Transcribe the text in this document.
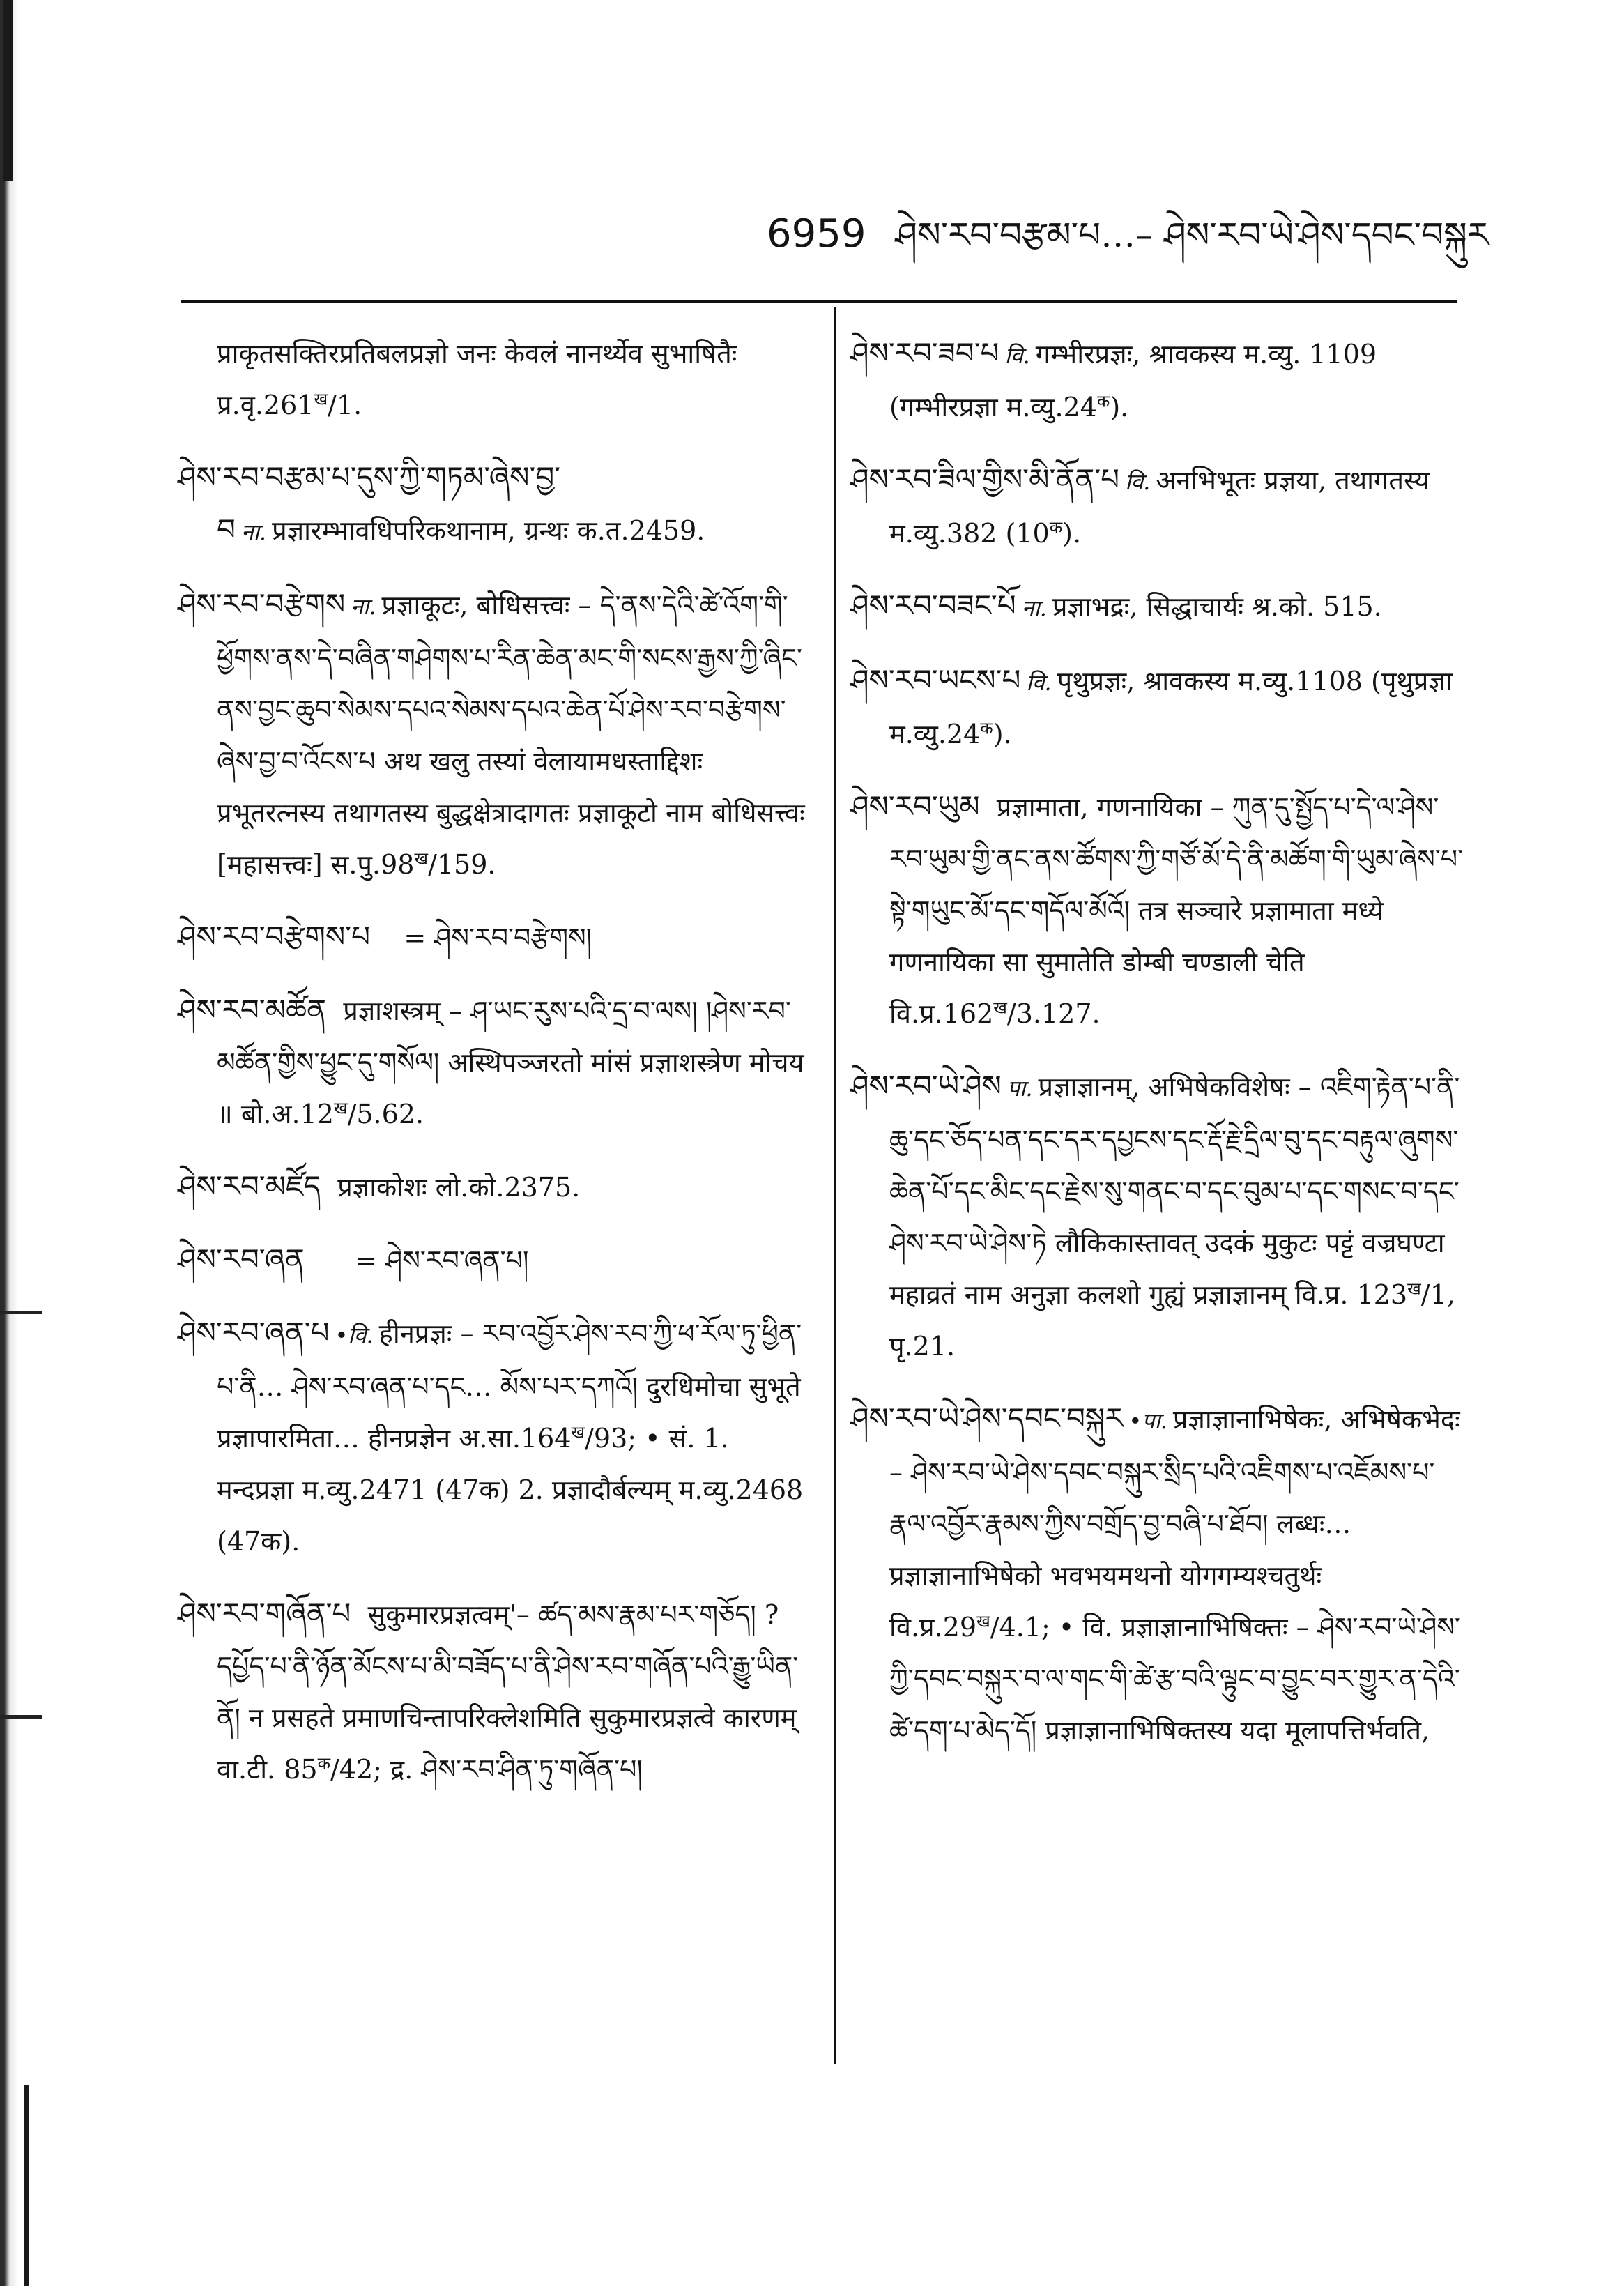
6959 ཤེས་རབ་བརྩམ་པ…– ཤེས་རབ་ཡེ་ཤེས་དབང་བསྐུར

प्राकृतसक्तिरप्रतिबलप्रज्ञो जनः केवलं नानर्थ्येव सुभाषितैः $प्र.वृ.261^ख/1$.

ཤེས་རབ་བརྩམ་པ་དུས་ཀྱི་གཏམ་ཞེས་བྱ་བ ना. प्रज्ञारम्भावधिपरिकथानाम, ग्रन्थः क.त.2459.

ཤེས་རབ་བརྩེགས ना. प्रज्ञाकूटः, बोधिसत्त्वः – དེ་ནས་དེའི་ཚེ་འོག་གི་ཕྱོགས་ནས་དེ་བཞིན་གཤེགས་པ་རིན་ཆེན་མང་གི་སངས་རྒྱས་ཀྱི་ཞིང་ནས་བྱང་ཆུབ་སེམས་དཔའ་སེམས་དཔའ་ཆེན་པོ་ཤེས་རབ་བརྩེགས་ཞེས་བྱ་བ་འོངས་པ अथ खलु तस्यां वेलायामधस्ताद्दिशः प्रभूतरत्नस्य तथागतस्य बुद्धक्षेत्रादागतः प्रज्ञाकूटो नाम बोधिसत्त्वः [महासत्त्वः] $स.पु.98^ख/159$.

ཤེས་རབ་བརྩེགས་པ = ཤེས་རབ་བརྩེགས།

ཤེས་རབ་མཚོན प्रज्ञाशस्त्रम् – ཤ་ཡང་རུས་པའི་དྲ་བ་ལས། །ཤེས་རབ་མཚོན་གྱིས་ཕྱུང་དུ་གསོལ། अस्थिपञ्जरतो मांसं प्रज्ञाशस्त्रेण मोचय ॥ $बो.अ.12^ख/5.62$.

ཤེས་རབ་མཛོད प्रज्ञाकोशः लो.को.2375.

ཤེས་རབ་ཞན = ཤེས་རབ་ཞན་པ།

ཤེས་རབ་ཞན་པ •वि. हीनप्रज्ञः – རབ་འབྱོར་ཤེས་རབ་ཀྱི་ཕ་རོལ་ཏུ་ཕྱིན་པ་ནི… ཤེས་རབ་ཞན་པ་དང… མོས་པར་དཀའོ། दुरधिमोचा सुभूते प्रज्ञापारमिता… हीनप्रज्ञेन $अ.सा.164^ख/93$; • सं. 1. मन्दप्रज्ञा म.व्यु.2471 (47क) 2. प्रज्ञादौर्बल्यम् म.व्यु.2468 (47क).

ཤེས་རབ་གཞོན་པ सुकुमारप्रज्ञत्वम्'– ཚད་མས་རྣམ་པར་གཅོད། ? དཔྱོད་པ་ནི་ཉོན་མོངས་པ་མི་བཟོད་པ་ནི་ཤེས་རབ་གཞོན་པའི་རྒྱུ་ཡིན་ནོ། न प्रसहते प्रमाणचिन्तापरिक्लेशमिति सुकुमारप्रज्ञत्वे कारणम् वा.टी. $85^क/42$; द्र. ཤེས་རབ་ཤིན་ཏུ་གཞོན་པ།

ཤེས་རབ་ཟབ་པ वि. गम्भीरप्रज्ञः, श्रावकस्य म.व्यु. 1109 (गम्भीरप्रज्ञा $म.व्यु.24^क$).

ཤེས་རབ་ཟིལ་གྱིས་མི་ནོན་པ वि. अनभिभूतः प्रज्ञया, तथागतस्य म.व्यु.382 $(10^क)$.

ཤེས་རབ་བཟང་པོ ना. प्रज्ञाभद्रः, सिद्धाचार्यः श्र.को. 515.

ཤེས་རབ་ཡངས་པ वि. पृथुप्रज्ञः, श्रावकस्य म.व्यु.1108 (पृथुप्रज्ञा $म.व्यु.24^क$).

ཤེས་རབ་ཡུམ प्रज्ञामाता, गणनायिका – ཀུན་དུ་སྤྱོད་པ་དེ་ལ་ཤེས་རབ་ཡུམ་གྱི་ནང་ནས་ཚོགས་ཀྱི་གཙོ་མོ་དེ་ནི་མཚོག་གི་ཡུམ་ཞེས་པ་སྟེ་གཡུང་མོ་དང་གདོལ་མོའོ། तत्र सञ्चारे प्रज्ञामाता मध्ये गणनायिका सा सुमातेति डोम्बी चण्डाली चेति $वि.प्र.162^ख/3.127$.

ཤེས་རབ་ཡེ་ཤེས पा. प्रज्ञाज्ञानम्, अभिषेकविशेषः – འཇིག་རྟེན་པ་ནི་ཆུ་དང་ཅོད་པན་དང་དར་དཔྱངས་དང་རྡོ་རྗེ་དྲིལ་བུ་དང་བརྟུལ་ཞུགས་ཆེན་པོ་དང་མིང་དང་རྗེས་སུ་གནང་བ་དང་བུམ་པ་དང་གསང་བ་དང་ཤེས་རབ་ཡེ་ཤེས་ཏེ लौकिकास्तावत् उदकं मुकुटः पट्टं वज्रघण्टा महाव्रतं नाम अनुज्ञा कलशो गुह्यं प्रज्ञाज्ञानम् वि.प्र. $123^ख/1$, पृ.21.

ཤེས་རབ་ཡེ་ཤེས་དབང་བསྐུར •पा. प्रज्ञाज्ञानाभिषेकः, अभिषेकभेदः – ཤེས་རབ་ཡེ་ཤེས་དབང་བསྐུར་སྲིད་པའི་འཇིགས་པ་འཇོམས་པ་རྣལ་འབྱོར་རྣམས་ཀྱིས་བགྲོད་བྱ་བཞི་པ་ཐོབ། लब्धः…प्रज्ञाज्ञानाभिषेको भवभयमथनो योगगम्यश्चतुर्थः $वि.प्र.29^ख/4.1$; • वि. प्रज्ञाज्ञानाभिषिक्तः – ཤེས་རབ་ཡེ་ཤེས་ཀྱི་དབང་བསྐུར་བ་ལ་གང་གི་ཚེ་རྩ་བའི་ལྟུང་བ་བྱུང་བར་གྱུར་ན་དེའི་ཚེ་དག་པ་མེད་དོ། प्रज्ञाज्ञानाभिषिक्तस्य यदा मूलापत्तिर्भवति,
